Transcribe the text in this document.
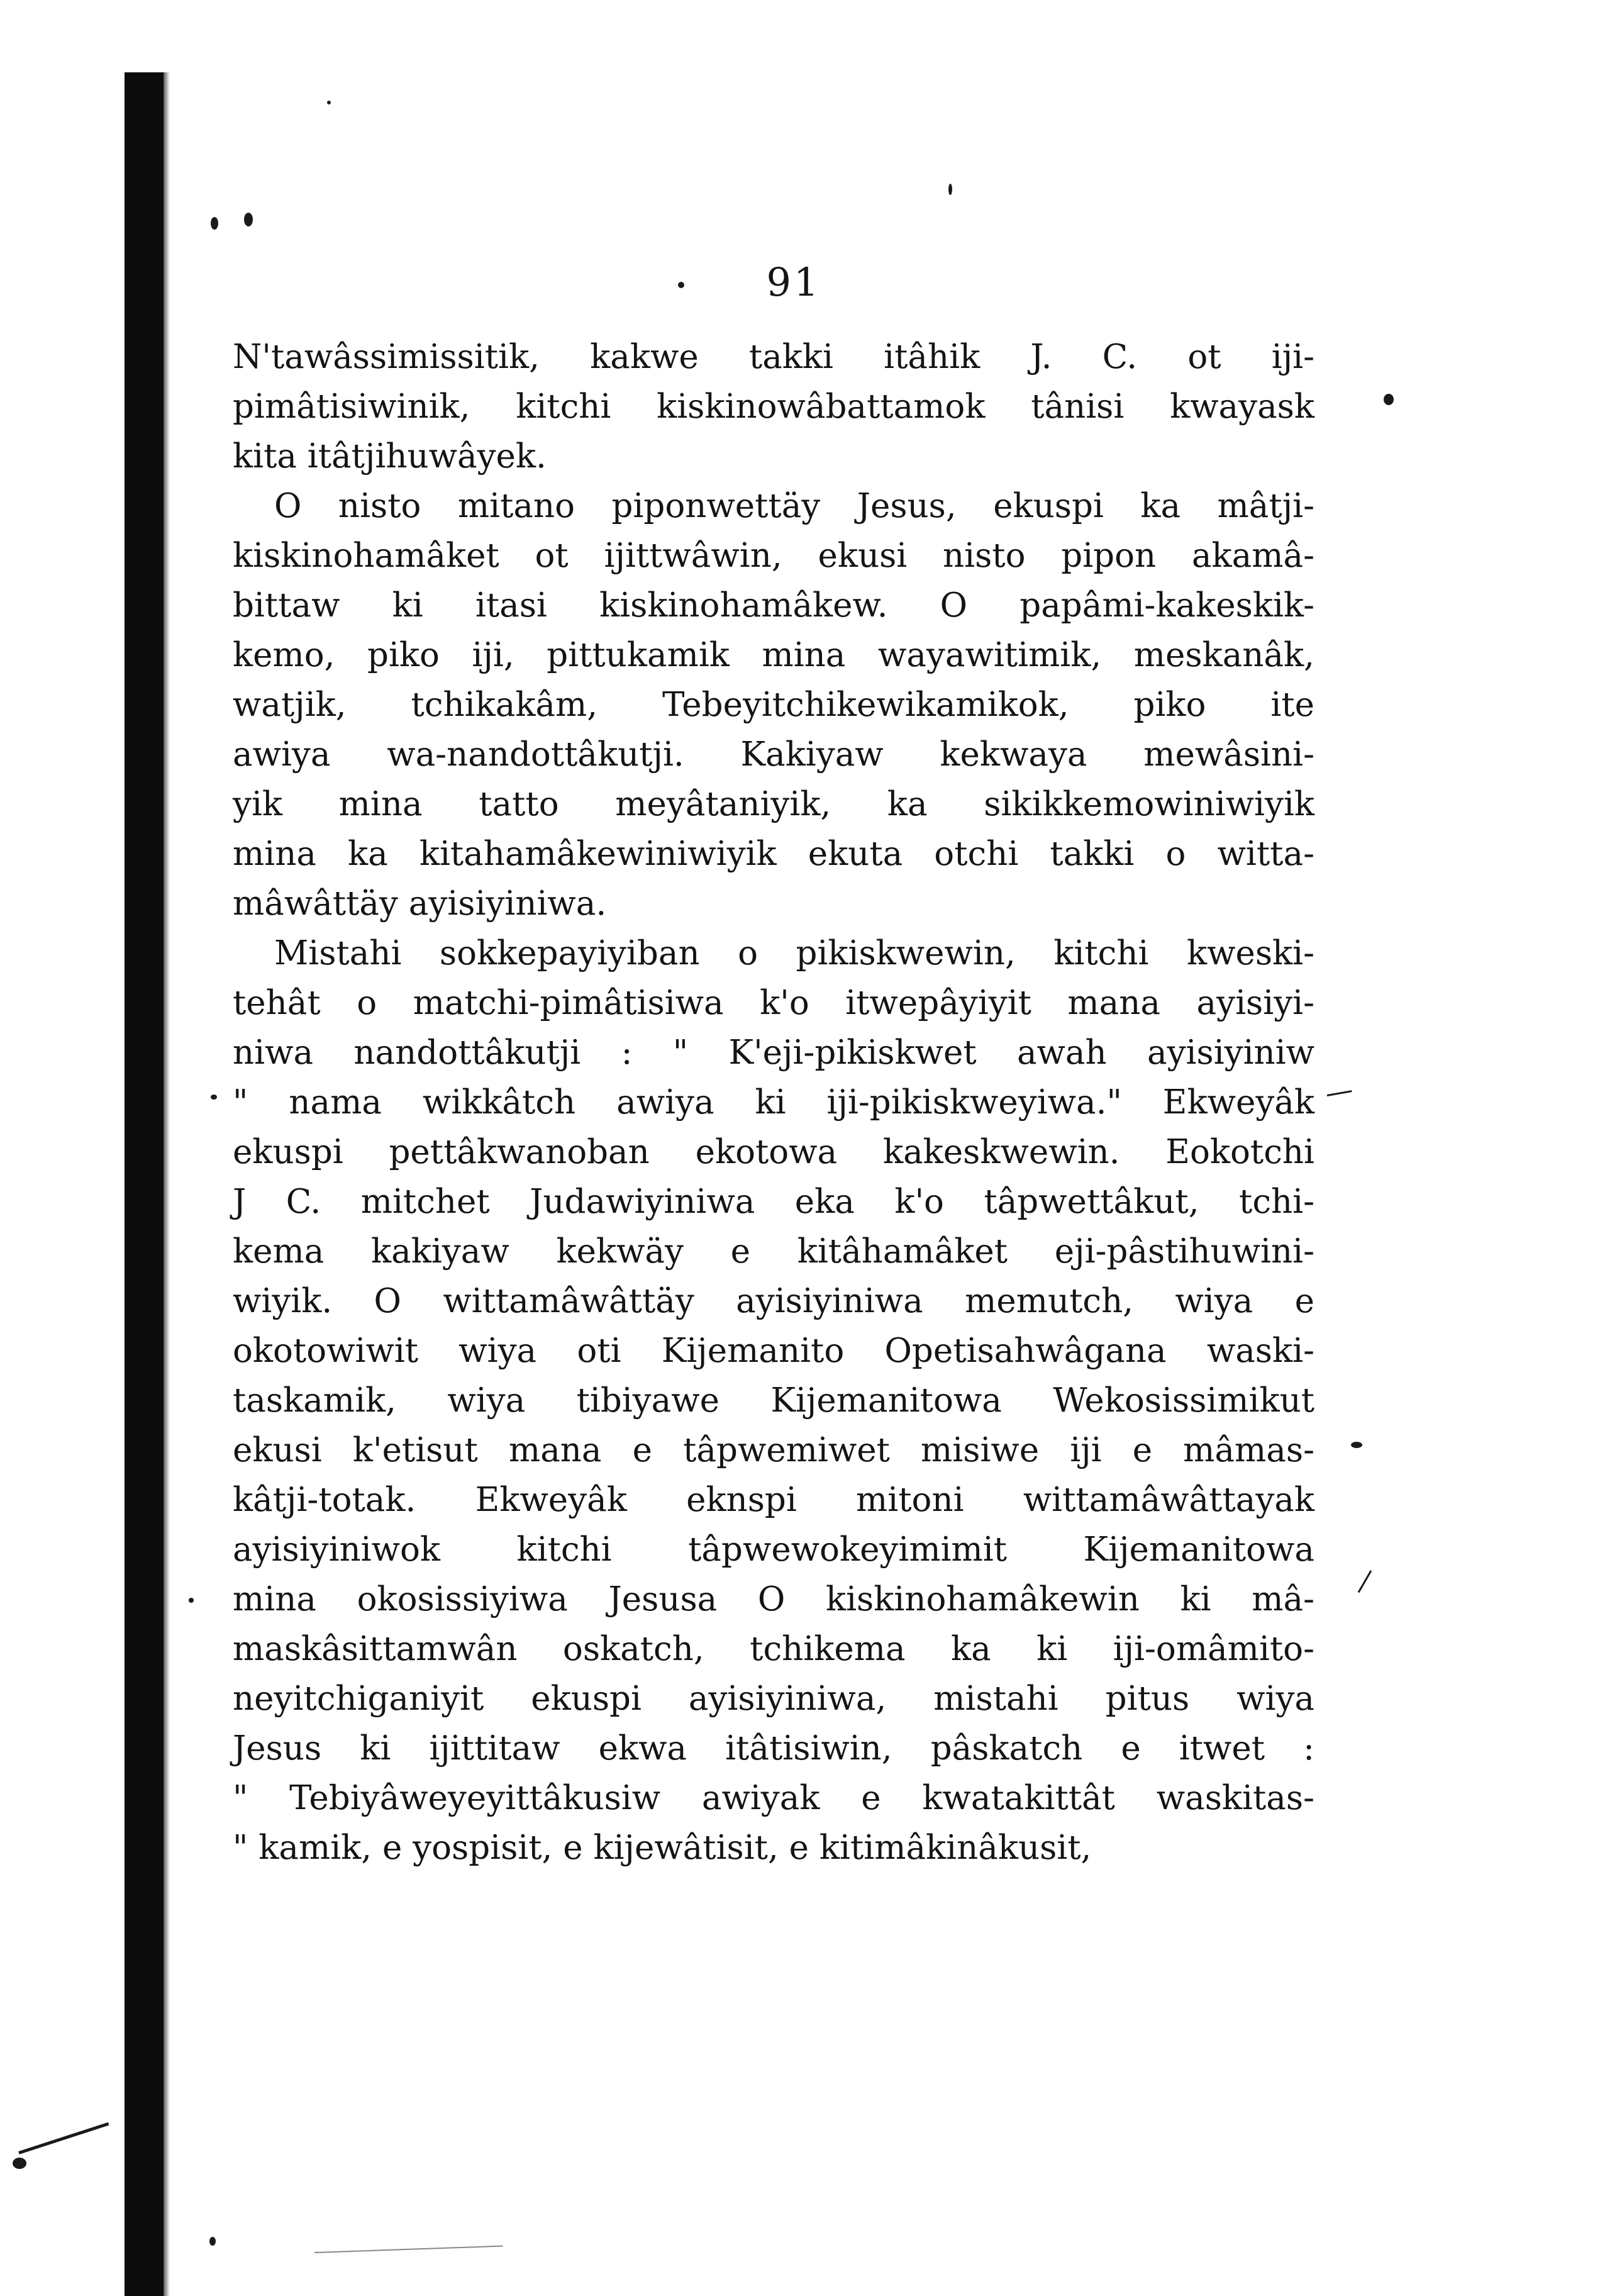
91
N'tawâssimissitik, kakwe takki itâhik J. C. ot iji-
pimâtisiwinik, kitchi kiskinowâbattamok tânisi kwayask
kita itâtjihuwâyek.
O nisto mitano piponwettäy Jesus, ekuspi ka mâtji-
kiskinohamâket ot ijittwâwin, ekusi nisto pipon akamâ-
bittaw ki itasi kiskinohamâkew. O papâmi-kakeskik-
kemo, piko iji, pittukamik mina wayawitimik, meskanâk,
watjik, tchikakâm, Tebeyitchikewikamikok, piko ite
awiya wa-nandottâkutji. Kakiyaw kekwaya mewâsini-
yik mina tatto meyâtaniyik, ka sikikkemowiniwiyik
mina ka kitahamâkewiniwiyik ekuta otchi takki o witta-
mâwâttäy ayisiyiniwa.
Mistahi sokkepayiyiban o pikiskwewin, kitchi kweski-
tehât o matchi-pimâtisiwa k'o itwepâyiyit mana ayisiyi-
niwa nandottâkutji : " K'eji-pikiskwet awah ayisiyiniw
" nama wikkâtch awiya ki iji-pikiskweyiwa." Ekweyâk
ekuspi pettâkwanoban ekotowa kakeskwewin. Eokotchi
J C. mitchet Judawiyiniwa eka k'o tâpwettâkut, tchi-
kema kakiyaw kekwäy e kitâhamâket eji-pâstihuwini-
wiyik. O wittamâwâttäy ayisiyiniwa memutch, wiya e
okotowiwit wiya oti Kijemanito Opetisahwâgana waski-
taskamik, wiya tibiyawe Kijemanitowa Wekosissimikut
ekusi k'etisut mana e tâpwemiwet misiwe iji e mâmas-
kâtji-totak. Ekweyâk eknspi mitoni wittamâwâttayak
ayisiyiniwok kitchi tâpwewokeyimimit Kijemanitowa
mina okosissiyiwa Jesusa O kiskinohamâkewin ki mâ-
maskâsittamwân oskatch, tchikema ka ki iji-omâmito-
neyitchiganiyit ekuspi ayisiyiniwa, mistahi pitus wiya
Jesus ki ijittitaw ekwa itâtisiwin, pâskatch e itwet :
" Tebiyâweyeyittâkusiw awiyak e kwatakittât waskitas-
" kamik, e yospisit, e kijewâtisit, e kitimâkinâkusit,
